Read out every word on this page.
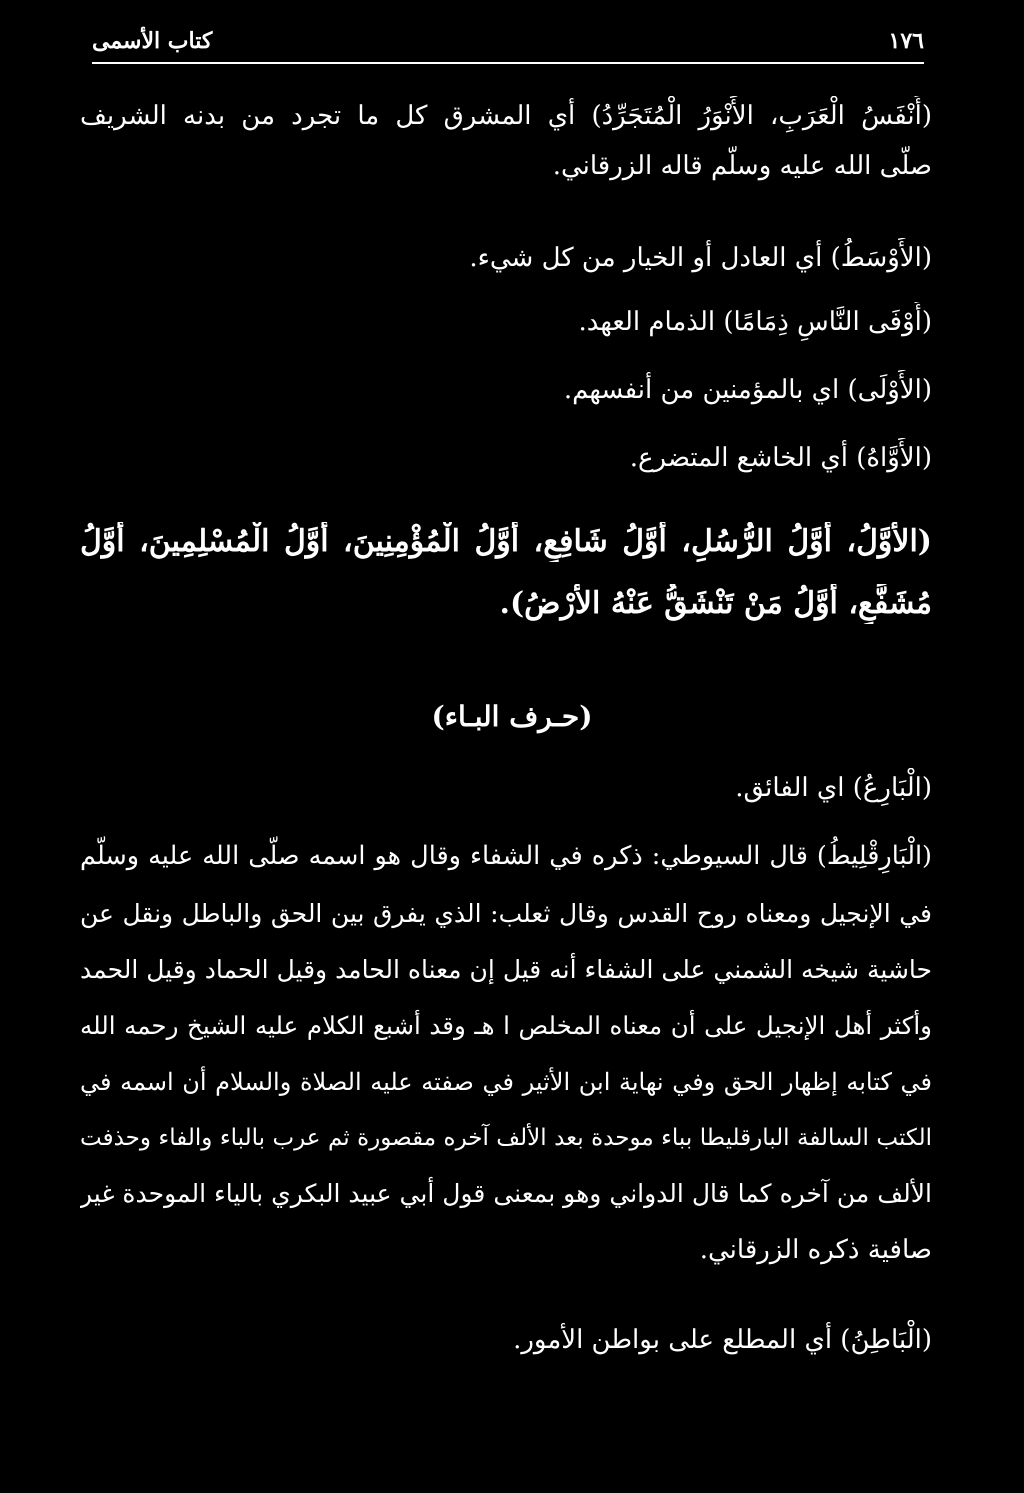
١٧٦
كتاب الأسمى
(أَنْفَسُ الْعَرَبِ، الأَنْوَرُ الْمُتَجَرِّدُ) أي المشرق كل ما تجرد من بدنه الشريف
صلَّى الله عليه وسلَّم قاله الزرقاني.
(الأَوْسَطُ) أي العادل أو الخيار من كل شيء.
(أَوْفَى النَّاسِ ذِمَامًا) الذمام العهد.
(الأَوْلَى) اي بالمؤمنين من أنفسهم.
(الأَوَّاهُ) أي الخاشع المتضرع.
(الأَوَّلُ، أَوَّلُ الرُّسُلِ، أَوَّلُ شَافِعٍ، أَوَّلُ الْمُؤْمِنِينَ، أَوَّلُ الْمُسْلِمِينَ، أَوَّلُ
مُشَفَّعٍ، أَوَّلُ مَنْ تَنْشَقُّ عَنْهُ الأَرْضُ).
(حـرف البـاء)
(الْبَارِعُ) اي الفائق.
(الْبَارِقْلِيطُ) قال السيوطي: ذكره في الشفاء وقال هو اسمه صلَّى الله عليه وسلَّم
في الإنجيل ومعناه روح القدس وقال ثعلب: الذي يفرق بين الحق والباطل ونقل عن
حاشية شيخه الشمني على الشفاء أنه قيل إن معناه الحامد وقيل الحماد وقيل الحمد
وأكثر أهل الإنجيل على أن معناه المخلص ا هـ وقد أشبع الكلام عليه الشيخ رحمه الله
في كتابه إظهار الحق وفي نهاية ابن الأثير في صفته عليه الصلاة والسلام أن اسمه في
الكتب السالفة البارقليطا بباء موحدة بعد الألف آخره مقصورة ثم عرب بالباء والفاء وحذفت
الألف من آخره كما قال الدواني وهو بمعنى قول أبي عبيد البكري بالياء الموحدة غير
صافية ذكره الزرقاني.
(الْبَاطِنُ) أي المطلع على بواطن الأمور.
